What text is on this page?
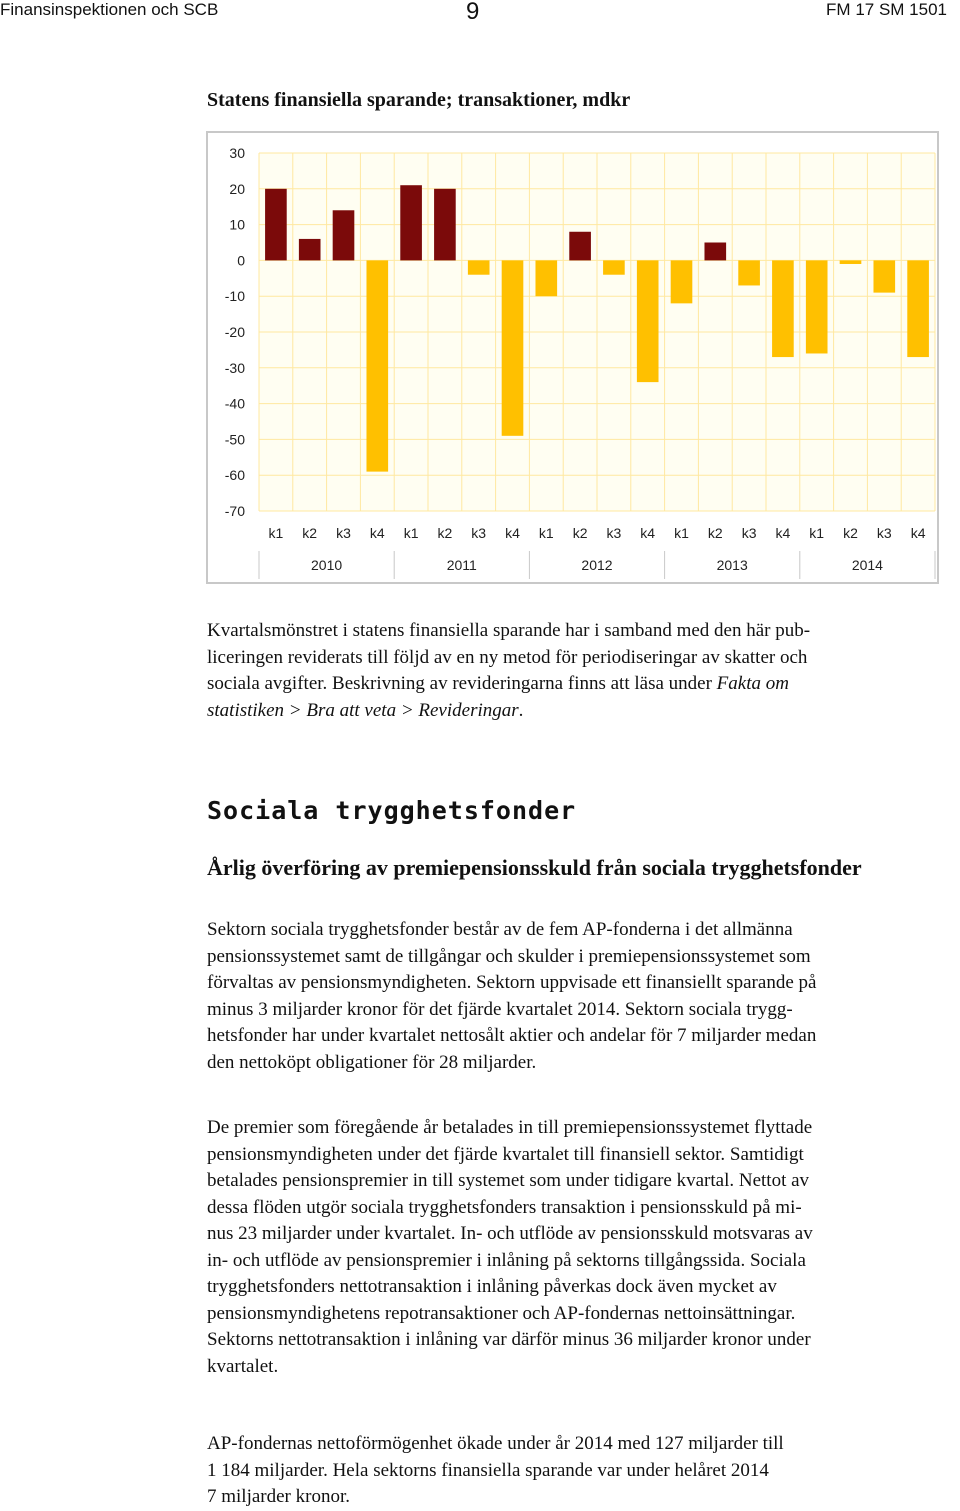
Finansinspektionen och SCB	9	FM 17 SM 1501
Statens finansiella sparande; transaktioner, mdkr
30
20
10
0
-10
-20
-30
-40
-50
-60
-70
k1 k2 k3 k4 k1 k2 k3 k4 k1 k2 k3 k4 k1 k2 k3 k4 k1 k2 k3 k4
2010	2011	2012	2013	2014

Kvartalsmönstret i statens finansiella sparande har i samband med den här pub-
liceringen reviderats till följd av en ny metod för periodiseringar av skatter och
sociala avgifter. Beskrivning av revideringarna finns att läsa under Fakta om
statistiken > Bra att veta > Revideringar.

Sociala trygghetsfonder
Årlig överföring av premiepensionsskuld från sociala trygghetsfonder

Sektorn sociala trygghetsfonder består av de fem AP-fonderna i det allmänna
pensionssystemet samt de tillgångar och skulder i premiepensionssystemet som
förvaltas av pensionsmyndigheten. Sektorn uppvisade ett finansiellt sparande på
minus 3 miljarder kronor för det fjärde kvartalet 2014. Sektorn sociala trygg-
hetsfonder har under kvartalet nettosålt aktier och andelar för 7 miljarder medan
den nettoköpt obligationer för 28 miljarder.

De premier som föregående år betalades in till premiepensionssystemet flyttade
pensionsmyndigheten under det fjärde kvartalet till finansiell sektor. Samtidigt
betalades pensionspremier in till systemet som under tidigare kvartal. Nettot av
dessa flöden utgör sociala trygghetsfonders transaktion i pensionsskuld på mi-
nus 23 miljarder under kvartalet. In- och utflöde av pensionsskuld motsvaras av
in- och utflöde av pensionspremier i inlåning på sektorns tillgångssida. Sociala
trygghetsfonders nettotransaktion i inlåning påverkas dock även mycket av
pensionsmyndighetens repotransaktioner och AP-fondernas nettoinsättningar.
Sektorns nettotransaktion i inlåning var därför minus 36 miljarder kronor under
kvartalet.

AP-fondernas nettoförmögenhet ökade under år 2014 med 127 miljarder till
1 184 miljarder. Hela sektorns finansiella sparande var under helåret 2014
7 miljarder kronor.
